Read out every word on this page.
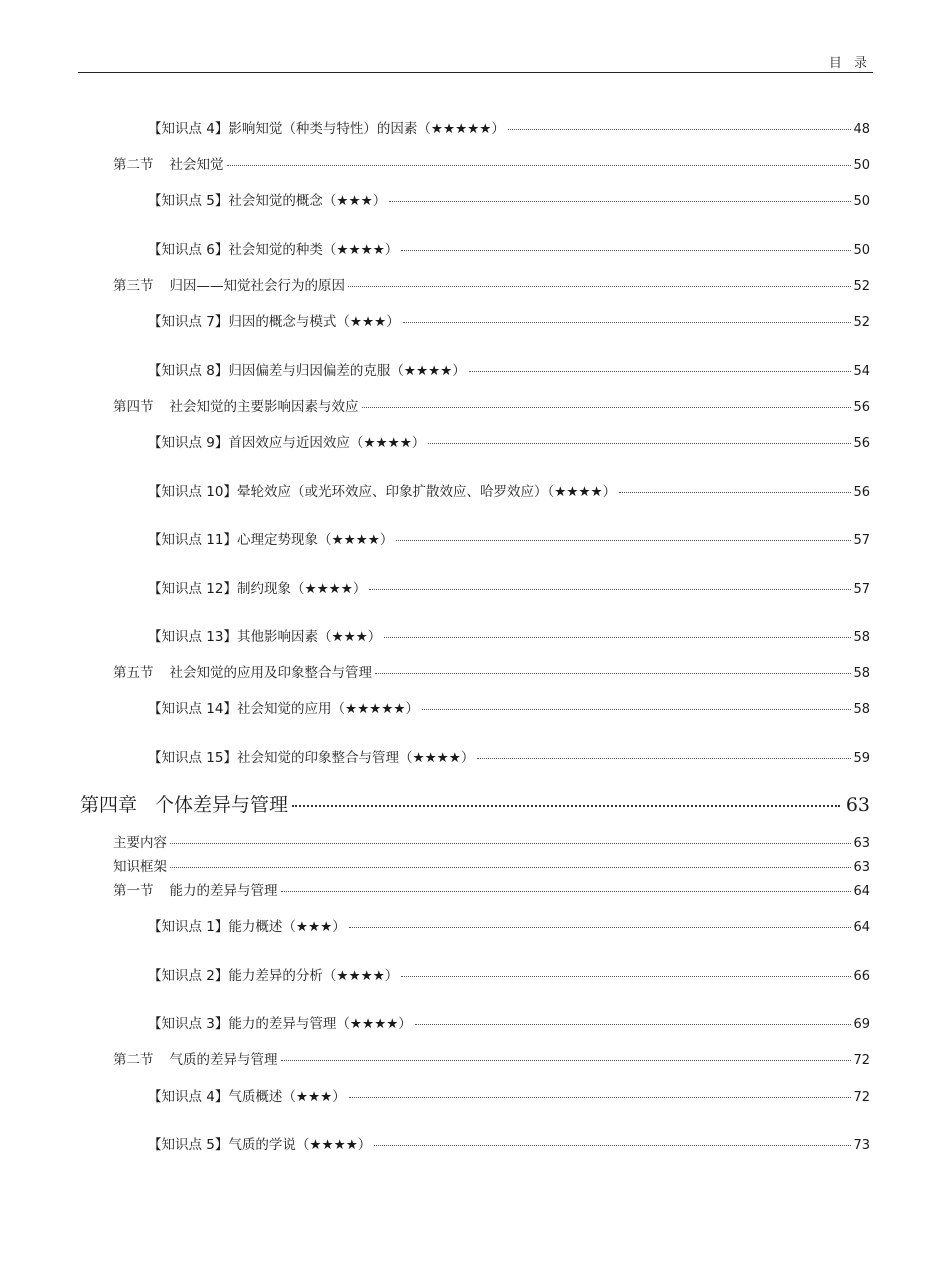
目 录
【知识点 4】影响知觉（种类与特性）的因素（★★★★★）	48
第二节 社会知觉	50
【知识点 5】社会知觉的概念（★★★）	50
【知识点 6】社会知觉的种类（★★★★）	50
第三节 归因——知觉社会行为的原因	52
【知识点 7】归因的概念与模式（★★★）	52
【知识点 8】归因偏差与归因偏差的克服（★★★★）	54
第四节 社会知觉的主要影响因素与效应	56
【知识点 9】首因效应与近因效应（★★★★）	56
【知识点 10】晕轮效应（或光环效应、印象扩散效应、哈罗效应）（★★★★）	56
【知识点 11】心理定势现象（★★★★）	57
【知识点 12】制约现象（★★★★）	57
【知识点 13】其他影响因素（★★★）	58
第五节 社会知觉的应用及印象整合与管理	58
【知识点 14】社会知觉的应用（★★★★★）	58
【知识点 15】社会知觉的印象整合与管理（★★★★）	59
第四章 个体差异与管理	63
主要内容	63
知识框架	63
第一节 能力的差异与管理	64
【知识点 1】能力概述（★★★）	64
【知识点 2】能力差异的分析（★★★★）	66
【知识点 3】能力的差异与管理（★★★★）	69
第二节 气质的差异与管理	72
【知识点 4】气质概述（★★★）	72
【知识点 5】气质的学说（★★★★）	73
